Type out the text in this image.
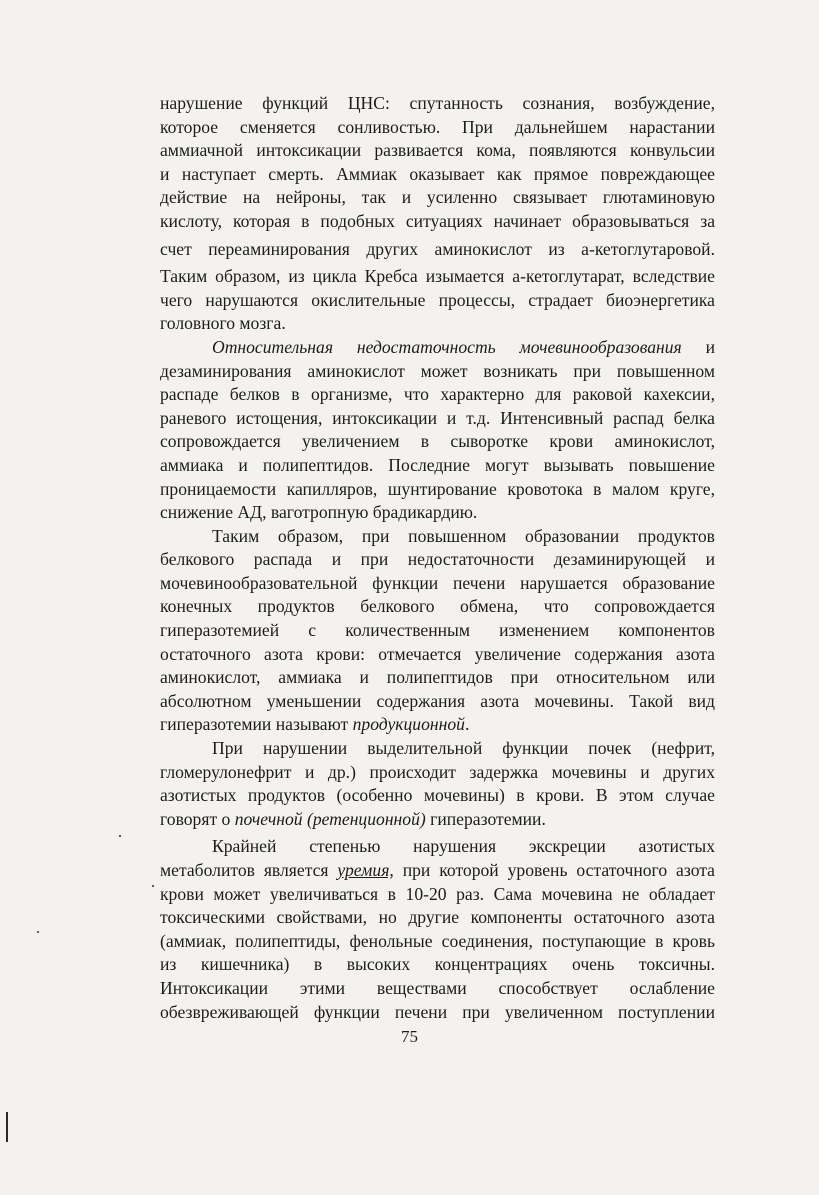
нарушение функций ЦНС: спутанность сознания, возбуждение,
которое сменяется сонливостью. При дальнейшем нарастании
аммиачной интоксикации развивается кома, появляются конвульсии
и наступает смерть. Аммиак оказывает как прямое повреждающее
действие на нейроны, так и усиленно связывает глютаминовую
кислоту, которая в подобных ситуациях начинает образовываться за
счет переаминирования других аминокислот из а-кетоглутаровой.
Таким образом, из цикла Кребса изымается а-кетоглутарат, вследствие
чего нарушаются окислительные процессы, страдает биоэнергетика
головного мозга.
Относительная недостаточность мочевинообразования и
дезаминирования аминокислот может возникать при повышенном
распаде белков в организме, что характерно для раковой кахексии,
раневого истощения, интоксикации и т.д. Интенсивный распад белка
сопровождается увеличением в сыворотке крови аминокислот,
аммиака и полипептидов. Последние могут вызывать повышение
проницаемости капилляров, шунтирование кровотока в малом круге,
снижение АД, ваготропную брадикардию.
Таким образом, при повышенном образовании продуктов
белкового распада и при недостаточности дезаминирующей и
мочевинообразовательной функции печени нарушается образование
конечных продуктов белкового обмена, что сопровождается
гиперазотемией с количественным изменением компонентов
остаточного азота крови: отмечается увеличение содержания азота
аминокислот, аммиака и полипептидов при относительном или
абсолютном уменьшении содержания азота мочевины. Такой вид
гиперазотемии называют продукционной.
При нарушении выделительной функции почек (нефрит,
гломерулонефрит и др.) происходит задержка мочевины и других
азотистых продуктов (особенно мочевины) в крови. В этом случае
говорят о почечной (ретенционной) гиперазотемии.
Крайней степенью нарушения экскреции азотистых
метаболитов является уремия, при которой уровень остаточного азота
крови может увеличиваться в 10-20 раз. Сама мочевина не обладает
токсическими свойствами, но другие компоненты остаточного азота
(аммиак, полипептиды, фенольные соединения, поступающие в кровь
из кишечника) в высоких концентрациях очень токсичны.
Интоксикации этими веществами способствует ослабление
обезвреживающей функции печени при увеличенном поступлении
75
